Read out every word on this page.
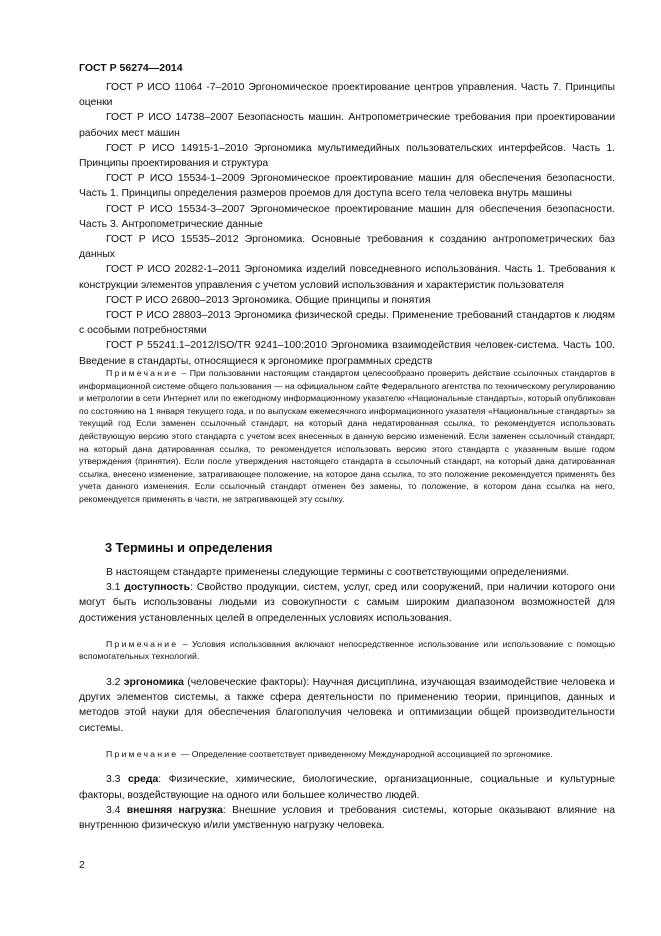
ГОСТ Р 56274—2014

ГОСТ Р ИСО 11064 -7–2010 Эргономическое проектирование центров управления. Часть 7. Принципы оценки

ГОСТ Р ИСО 14738–2007 Безопасность машин. Антропометрические требования при проектировании рабочих мест машин

ГОСТ Р ИСО 14915-1–2010 Эргономика мультимедийных пользовательских интерфейсов. Часть 1. Принципы проектирования и структура

ГОСТ Р ИСО 15534-1–2009 Эргономическое проектирование машин для обеспечения безопасности. Часть 1. Принципы определения размеров проемов для доступа всего тела человека внутрь машины

ГОСТ Р ИСО 15534-3–2007 Эргономическое проектирование машин для обеспечения безопасности. Часть 3. Антропометрические данные

ГОСТ Р ИСО 15535–2012 Эргономика. Основные требования к созданию антропометрических баз данных

ГОСТ Р ИСО 20282-1–2011 Эргономика изделий повседневного использования. Часть 1. Требования к конструкции элементов управления с учетом условий использования и характеристик пользователя

ГОСТ Р ИСО 26800–2013 Эргономика. Общие принципы и понятия

ГОСТ Р ИСО 28803–2013 Эргономика физической среды. Применение требований стандартов к людям с особыми потребностями

ГОСТ Р 55241.1–2012/ISO/TR 9241–100:2010 Эргономика взаимодействия человек-система. Часть 100. Введение в стандарты, относящиеся к эргономике программных средств

Примечание – При пользовании настоящим стандартом целесообразно проверить действие ссылочных стандартов в информационной системе общего пользования — на официальном сайте Федерального агентства по техническому регулированию и метрологии в сети Интернет или по ежегодному информационному указателю «Национальные стандарты», который опубликован по состоянию на 1 января текущего года, и по выпускам ежемесячного информационного указателя «Национальные стандарты» за текущий год Если заменен ссылочный стандарт, на который дана недатированная ссылка, то рекомендуется использовать действующую версию этого стандарта с учетом всех внесенных в данную версию изменений. Если заменен ссылочный стандарт, на который дана датированная ссылка, то рекомендуется использовать версию этого стандарта с указанным выше годом утверждения (принятия). Если после утверждения настоящего стандарта в ссылочный стандарт, на который дана датированная ссылка, внесено изменение, затрагивающее положение, на которое дана ссылка, то это положение рекомендуется применять без учета данного изменения. Если ссылочный стандарт отменен без замены, то положение, в котором дана ссылка на него, рекомендуется применять в части, не затрагивающей эту ссылку.

3 Термины и определения

В настоящем стандарте применены следующие термины с соответствующими определениями.

3.1 доступность: Свойство продукции, систем, услуг, сред или сооружений, при наличии которого они могут быть использованы людьми из совокупности с самым широким диапазоном возможностей для достижения установленных целей в определенных условиях использования.

Примечание – Условия использования включают непосредственное использование или использование с помощью вспомогательных технологий.

3.2 эргономика (человеческие факторы): Научная дисциплина, изучающая взаимодействие человека и других элементов системы, а также сфера деятельности по применению теории, принципов, данных и методов этой науки для обеспечения благополучия человека и оптимизации общей производительности системы.

Примечание — Определение соответствует приведенному Международной ассоциацией по эргономике.

3.3 среда: Физические, химические, биологические, организационные, социальные и культурные факторы, воздействующие на одного или большее количество людей.

3.4 внешняя нагрузка: Внешние условия и требования системы, которые оказывают влияние на внутреннюю физическую и/или умственную нагрузку человека.

2
